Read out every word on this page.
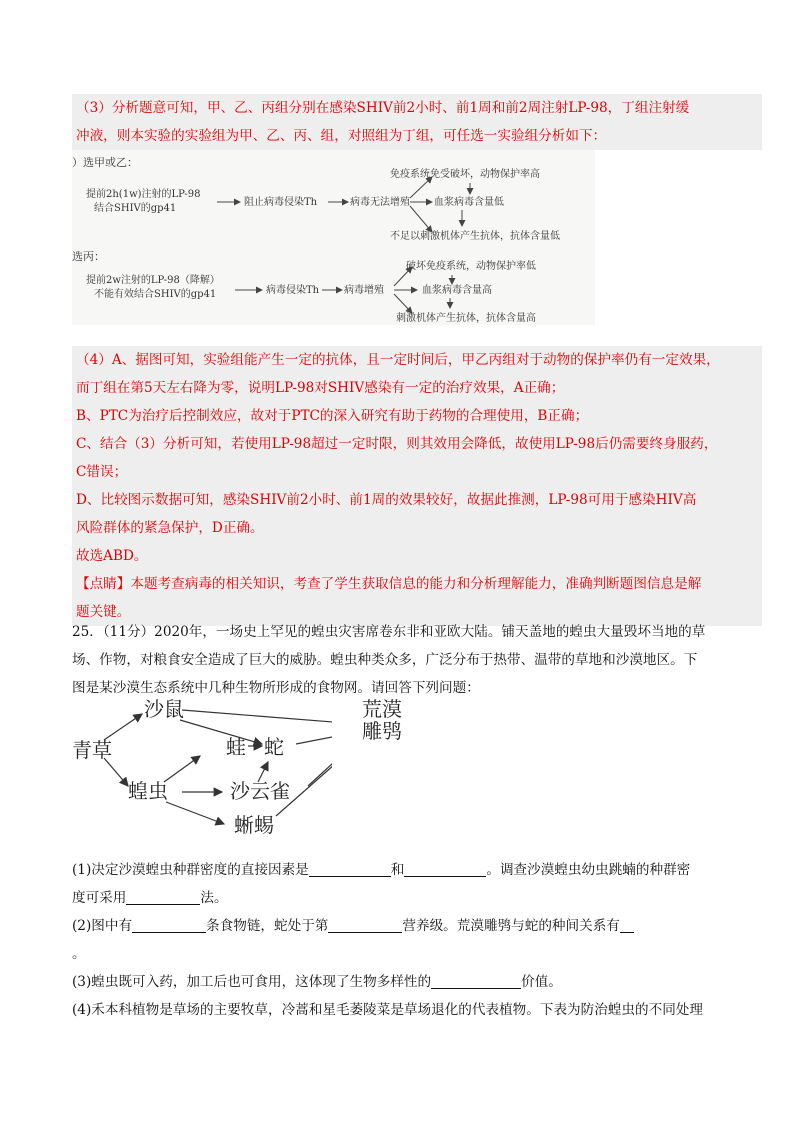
（3）分析题意可知，甲、乙、丙组分别在感染SHIV前2小时、前1周和前2周注射LP-98，丁组注射缓

冲液，则本实验的实验组为甲、乙、丙、组，对照组为丁组，可任选一实验组分析如下：

）选甲或乙：
提前2h(1w)注射的LP-98
结合SHIV的gp41
阻止病毒侵染Th	病毒无法增殖
免疫系统免受破坏，动物保护率高
血浆病毒含量低
不足以刺激机体产生抗体，抗体含量低
选丙：
提前2w注射的LP-98（降解）
不能有效结合SHIV的gp41	病毒侵染Th 病毒增殖
破坏免疫系统，动物保护率低
血浆病毒含量高
刺激机体产生抗体，抗体含量高

（4）A、据图可知，实验组能产生一定的抗体，且一定时间后，甲乙丙组对于动物的保护率仍有一定效果，

而丁组在第5天左右降为零，说明LP-98对SHIV感染有一定的治疗效果，A正确；

B、PTC为治疗后控制效应，故对于PTC的深入研究有助于药物的合理使用，B正确；

C、结合（3）分析可知，若使用LP-98超过一定时限，则其效用会降低，故使用LP-98后仍需要终身服药，

C错误；

D、比较图示数据可知，感染SHIV前2小时、前1周的效果较好，故据此推测，LP-98可用于感染HIV高

风险群体的紧急保护，D正确。

故选ABD。

【点睛】本题考查病毒的相关知识，考查了学生获取信息的能力和分析理解能力，准确判断题图信息是解

题关键。

25．（11分）2020年，一场史上罕见的蝗虫灾害席卷东非和亚欧大陆。铺天盖地的蝗虫大量毁坏当地的草

场、作物，对粮食安全造成了巨大的威胁。蝗虫种类众多，广泛分布于热带、温带的草地和沙漠地区。下

图是某沙漠生态系统中几种生物所形成的食物网。请回答下列问题：

青草
沙鼠
蛙 蛇
蝗虫	沙云雀
蜥蜴
荒漠
雕鸮

(1)决定沙漠蝗虫种群密度的直接因素是	和	。调查沙漠蝗虫幼虫跳蝻的种群密

度可采用	法。

(2)图中有	条食物链，蛇处于第	营养级。荒漠雕鸮与蛇的种间关系有

。

(3)蝗虫既可入药，加工后也可食用，这体现了生物多样性的	价值。

(4)禾本科植物是草场的主要牧草，冷蒿和星毛萎陵菜是草场退化的代表植物。下表为防治蝗虫的不同处理
